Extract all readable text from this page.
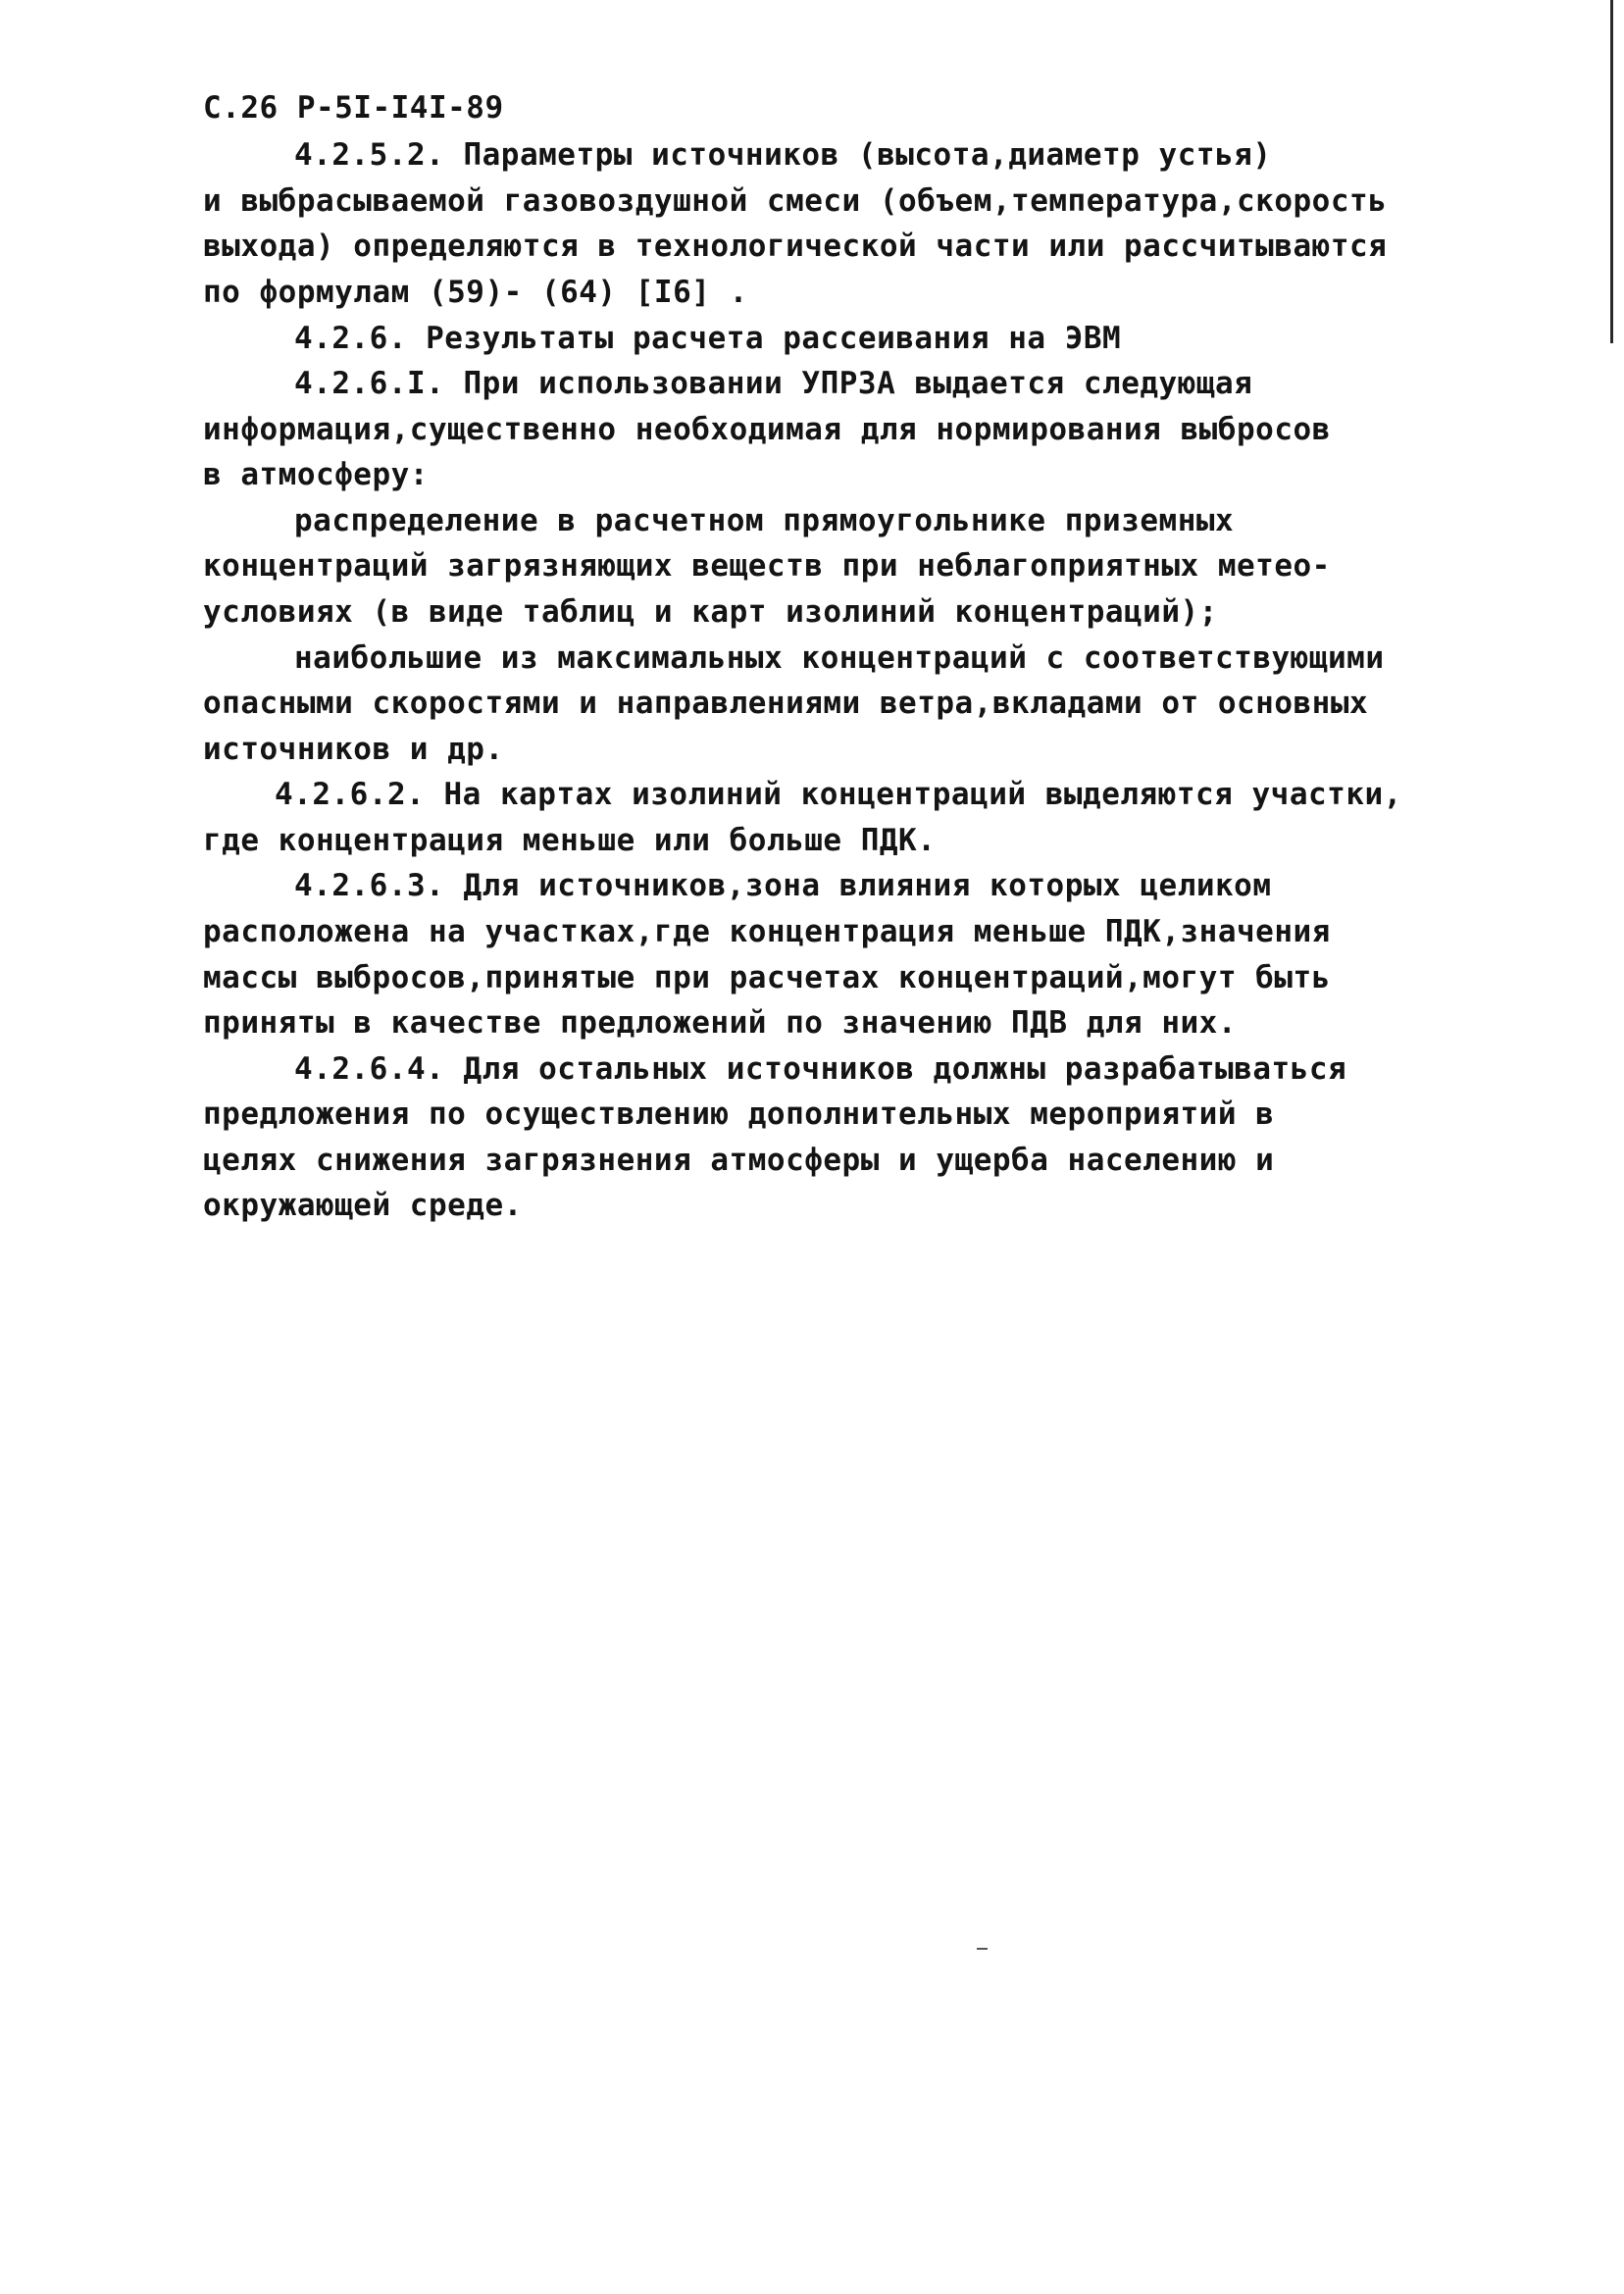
С.26 Р-5I-I4I-89
4.2.5.2. Параметры источников (высота,диаметр устья)
и выбрасываемой газовоздушной смеси (объем,температура,скорость
выхода) определяются в технологической части или рассчитываются
по формулам (59)- (64) [I6] .
4.2.6. Результаты расчета рассеивания на ЭВМ
4.2.6.I. При использовании УПРЗА выдается следующая
информация,существенно необходимая для нормирования выбросов
в атмосферу:
распределение в расчетном прямоугольнике приземных
концентраций загрязняющих веществ при неблагоприятных метео-
условиях (в виде таблиц и карт изолиний концентраций);
наибольшие из максимальных концентраций с соответствующими
опасными скоростями и направлениями ветра,вкладами от основных
источников и др.
4.2.6.2. На картах изолиний концентраций выделяются участки,
где концентрация меньше или больше ПДК.
4.2.6.3. Для источников,зона влияния которых целиком
расположена на участках,где концентрация меньше ПДК,значения
массы выбросов,принятые при расчетах концентраций,могут быть
приняты в качестве предложений по значению ПДВ для них.
4.2.6.4. Для остальных источников должны разрабатываться
предложения по осуществлению дополнительных мероприятий в
целях снижения загрязнения атмосферы и ущерба населению и
окружающей среде.
